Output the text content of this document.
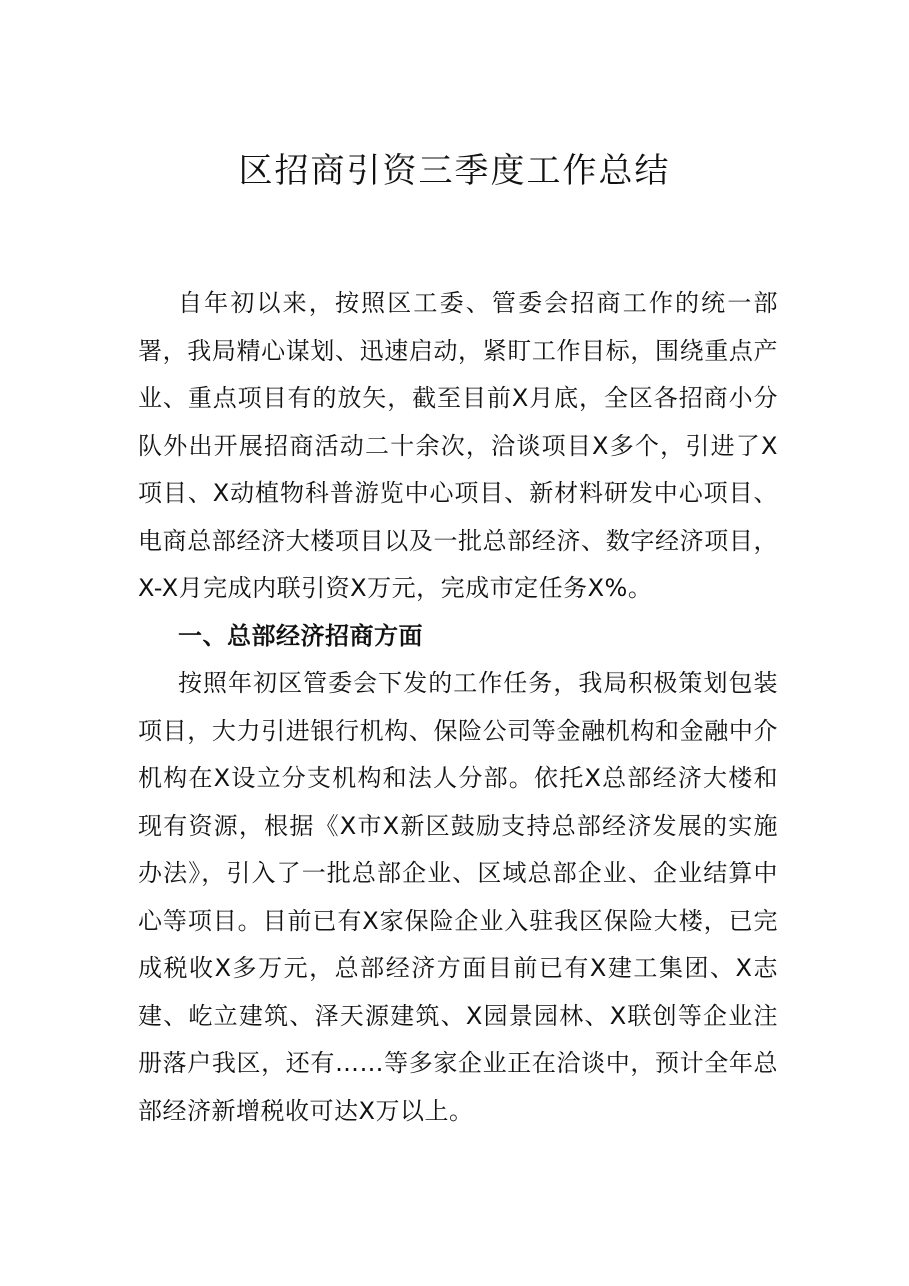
区招商引资三季度工作总结

自年初以来，按照区工委、管委会招商工作的统一部署，我局精心谋划、迅速启动，紧盯工作目标，围绕重点产业、重点项目有的放矢，截至目前X月底，全区各招商小分队外出开展招商活动二十余次，洽谈项目X多个，引进了X项目、X动植物科普游览中心项目、新材料研发中心项目、电商总部经济大楼项目以及一批总部经济、数字经济项目，X-X月完成内联引资X万元，完成市定任务X%。

一、总部经济招商方面

按照年初区管委会下发的工作任务，我局积极策划包装项目，大力引进银行机构、保险公司等金融机构和金融中介机构在X设立分支机构和法人分部。依托X总部经济大楼和现有资源，根据《X市X新区鼓励支持总部经济发展的实施办法》，引入了一批总部企业、区域总部企业、企业结算中心等项目。目前已有X家保险企业入驻我区保险大楼，已完成税收X多万元，总部经济方面目前已有X建工集团、X志建、屹立建筑、泽天源建筑、X园景园林、X联创等企业注册落户我区，还有……等多家企业正在洽谈中，预计全年总部经济新增税收可达X万以上。
